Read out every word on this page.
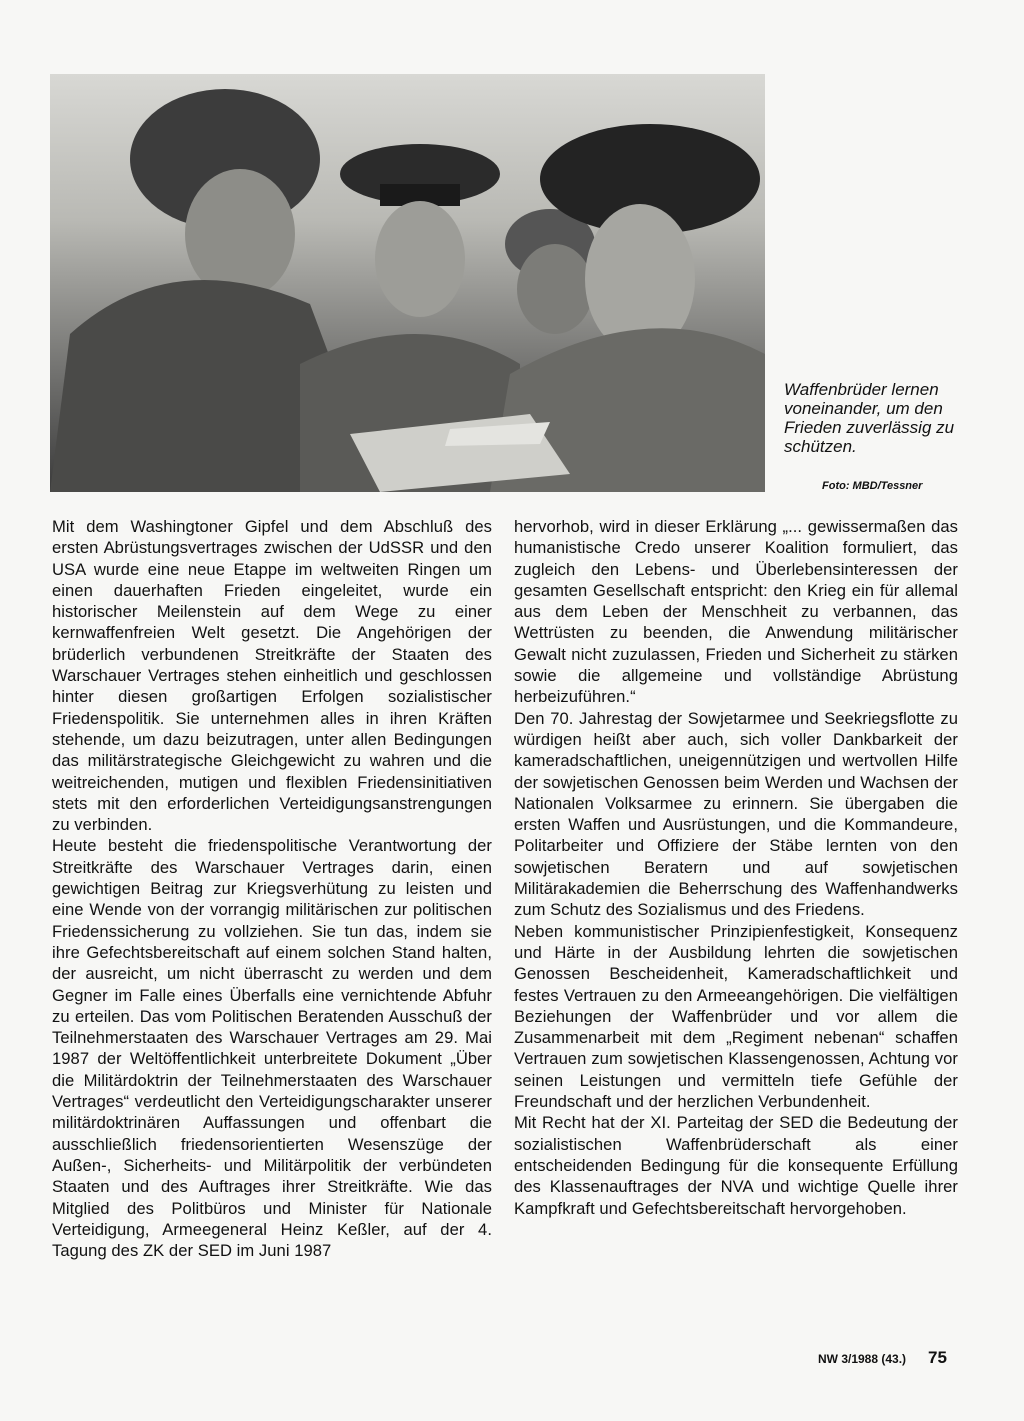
Waffenbrüder lernen voneinander, um den Frieden zuverlässig zu schützen.
Foto: MBD/Tessner

Mit dem Washingtoner Gipfel und dem Abschluß des ersten Abrüstungsvertrages zwischen der UdSSR und den USA wurde eine neue Etappe im weltweiten Ringen um einen dauerhaften Frieden eingeleitet, wurde ein historischer Meilenstein auf dem Wege zu einer kernwaffenfreien Welt gesetzt. Die Angehörigen der brüderlich verbundenen Streitkräfte der Staaten des Warschauer Vertrages stehen einheitlich und geschlossen hinter diesen großartigen Erfolgen sozialistischer Friedenspolitik. Sie unternehmen alles in ihren Kräften stehende, um dazu beizutragen, unter allen Bedingungen das militärstrategische Gleichgewicht zu wahren und die weitreichenden, mutigen und flexiblen Friedensinitiativen stets mit den erforderlichen Verteidigungsanstrengungen zu verbinden.

Heute besteht die friedenspolitische Verantwortung der Streitkräfte des Warschauer Vertrages darin, einen gewichtigen Beitrag zur Kriegsverhütung zu leisten und eine Wende von der vorrangig militärischen zur politischen Friedenssicherung zu vollziehen. Sie tun das, indem sie ihre Gefechtsbereitschaft auf einem solchen Stand halten, der ausreicht, um nicht überrascht zu werden und dem Gegner im Falle eines Überfalls eine vernichtende Abfuhr zu erteilen. Das vom Politischen Beratenden Ausschuß der Teilnehmerstaaten des Warschauer Vertrages am 29. Mai 1987 der Weltöffentlichkeit unterbreitete Dokument „Über die Militärdoktrin der Teilnehmerstaaten des Warschauer Vertrages“ verdeutlicht den Verteidigungscharakter unserer militärdoktrinären Auffassungen und offenbart die ausschließlich friedensorientierten Wesenszüge der Außen-, Sicherheits- und Militärpolitik der verbündeten Staaten und des Auftrages ihrer Streitkräfte. Wie das Mitglied des Politbüros und Minister für Nationale Verteidigung, Armeegeneral Heinz Keßler, auf der 4. Tagung des ZK der SED im Juni 1987

hervorhob, wird in dieser Erklärung „... gewissermaßen das humanistische Credo unserer Koalition formuliert, das zugleich den Lebens- und Überlebensinteressen der gesamten Gesellschaft entspricht: den Krieg ein für allemal aus dem Leben der Menschheit zu verbannen, das Wettrüsten zu beenden, die Anwendung militärischer Gewalt nicht zuzulassen, Frieden und Sicherheit zu stärken sowie die allgemeine und vollständige Abrüstung herbeizuführen.“

Den 70. Jahrestag der Sowjetarmee und Seekriegsflotte zu würdigen heißt aber auch, sich voller Dankbarkeit der kameradschaftlichen, uneigennützigen und wertvollen Hilfe der sowjetischen Genossen beim Werden und Wachsen der Nationalen Volksarmee zu erinnern. Sie übergaben die ersten Waffen und Ausrüstungen, und die Kommandeure, Politarbeiter und Offiziere der Stäbe lernten von den sowjetischen Beratern und auf sowjetischen Militärakademien die Beherrschung des Waffenhandwerks zum Schutz des Sozialismus und des Friedens.

Neben kommunistischer Prinzipienfestigkeit, Konsequenz und Härte in der Ausbildung lehrten die sowjetischen Genossen Bescheidenheit, Kameradschaftlichkeit und festes Vertrauen zu den Armeeangehörigen. Die vielfältigen Beziehungen der Waffenbrüder und vor allem die Zusammenarbeit mit dem „Regiment nebenan“ schaffen Vertrauen zum sowjetischen Klassengenossen, Achtung vor seinen Leistungen und vermitteln tiefe Gefühle der Freundschaft und der herzlichen Verbundenheit.

Mit Recht hat der XI. Parteitag der SED die Bedeutung der sozialistischen Waffenbrüderschaft als einer entscheidenden Bedingung für die konsequente Erfüllung des Klassenauftrages der NVA und wichtige Quelle ihrer Kampfkraft und Gefechtsbereitschaft hervorgehoben.

NW 3/1988 (43.) 75
